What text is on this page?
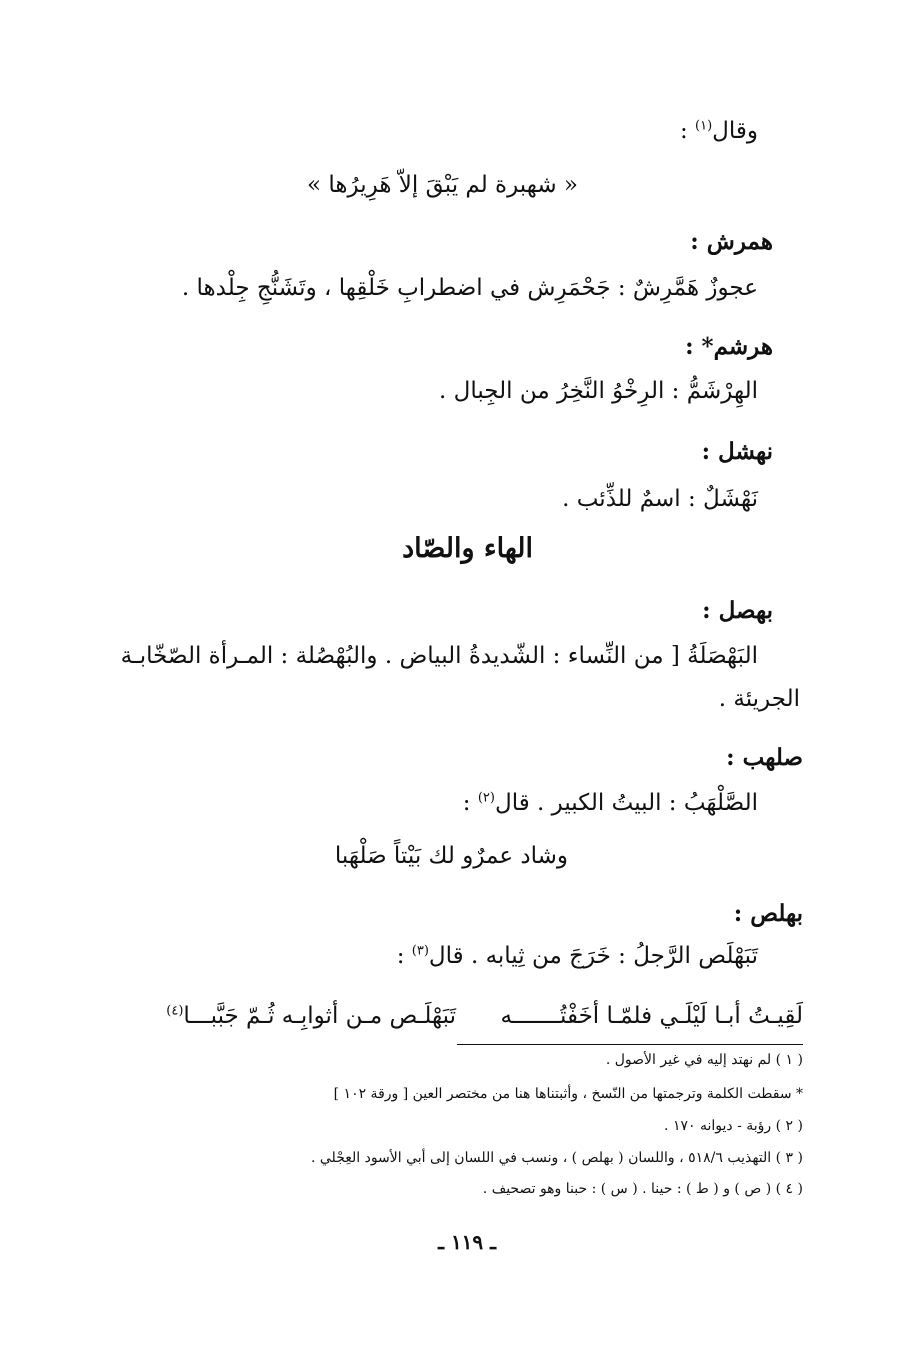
وقال$^{(١)}$ :
« شهبرة لم يَبْقَ إلاّ هَرِيرُها »
همرش :
عجوزٌ هَمَّرِشٌ : جَحْمَرِش في اضطرابِ خَلْقِها ، وتَشَنُّجِ جِلْدها .
هرشم* :
الهِرْشَمُّ : الرِخْوُ النَّخِرُ من الجِبال .
نهشل :
نَهْشَلٌ : اسمٌ للذِّئب .
الهاء والصّاد
بهصل :
البَهْصَلَةُ [ من النِّساء : الشّديدةُ البياض . والبُهْصُلة : المـرأة الصّخّابـة
الجريئة .
صلهب :
الصَّلْهَبُ : البيتُ الكبير . قال$^{(٢)}$ :
وشاد عمرٌو لك بَيْتاً صَلْهَبا
بهلص :
تَبَهْلَص الرَّجلُ : خَرَجَ من ثِيابه . قال$^{(٣)}$ :
لَقِيـتُ أبـا لَيْلَـي فلمّـا أخَفْتُـــــــه
تَبَهْلَـص مـن أثوابِـه ثُـمّ جَبَّبـــا$^{(٤)}$
( ١ ) لم نهتد إليه في غير الأصول .
* سقطت الكلمة وترجمتها من النّسخ ، وأثبتناها هنا من مختصر العين [ ورقة ١٠٢ ]
( ٢ ) رؤبة - ديوانه ١٧٠ .
( ٣ ) التهذيب ٥١٨/٦ ، واللسان ( بهلص ) ، ونسب في اللسان إلى أبي الأسود العِجْلي .
( ٤ ) ( ص ) و ( ط ) : حينا . ( س ) : حبنا وهو تصحيف .
ـ ١١٩ ـ
